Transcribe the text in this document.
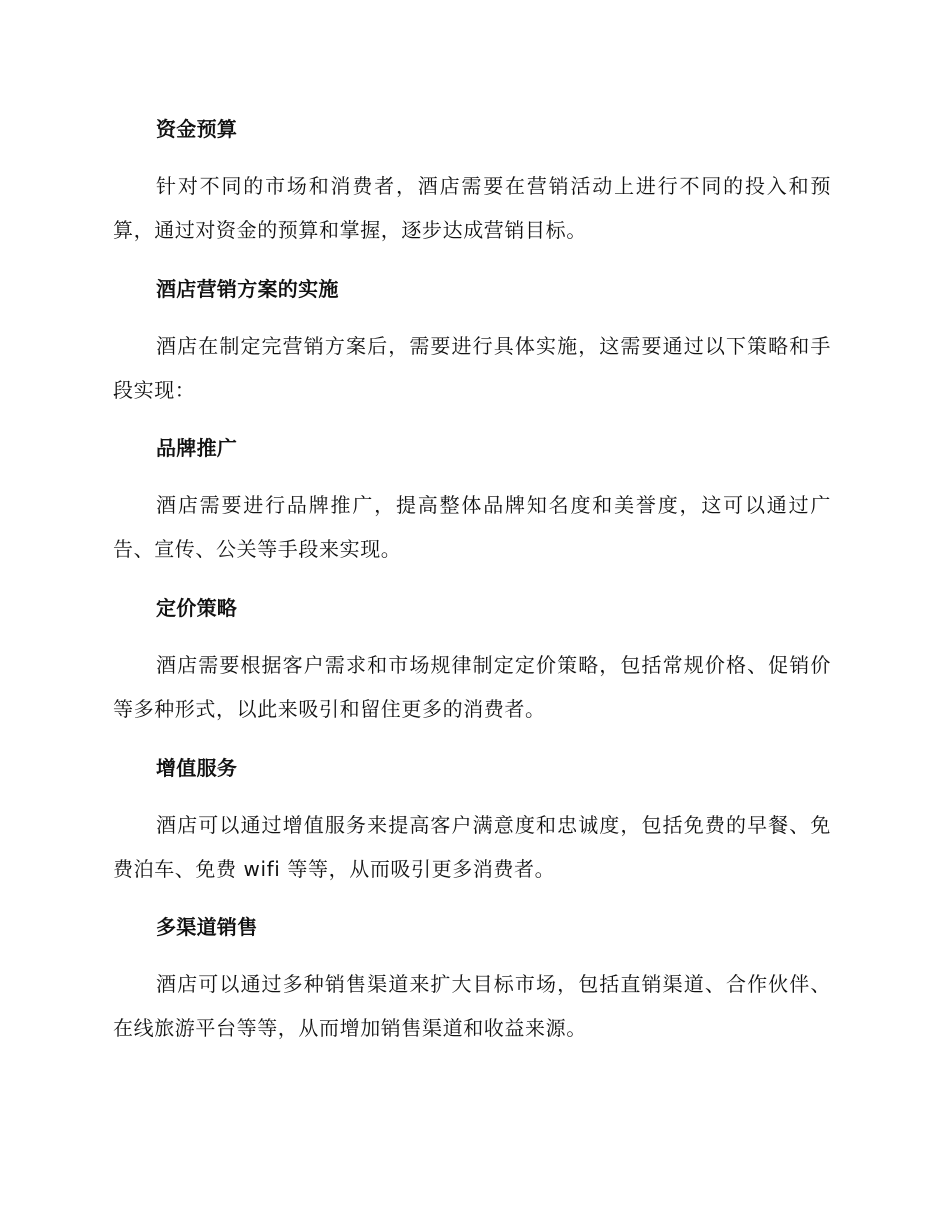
资金预算
针对不同的市场和消费者，酒店需要在营销活动上进行不同的投入和预算，通过对资金的预算和掌握，逐步达成营销目标。
酒店营销方案的实施
酒店在制定完营销方案后，需要进行具体实施，这需要通过以下策略和手段实现：
品牌推广
酒店需要进行品牌推广，提高整体品牌知名度和美誉度，这可以通过广告、宣传、公关等手段来实现。
定价策略
酒店需要根据客户需求和市场规律制定定价策略，包括常规价格、促销价等多种形式，以此来吸引和留住更多的消费者。
增值服务
酒店可以通过增值服务来提高客户满意度和忠诚度，包括免费的早餐、免费泊车、免费 wifi 等等，从而吸引更多消费者。
多渠道销售
酒店可以通过多种销售渠道来扩大目标市场，包括直销渠道、合作伙伴、在线旅游平台等等，从而增加销售渠道和收益来源。
